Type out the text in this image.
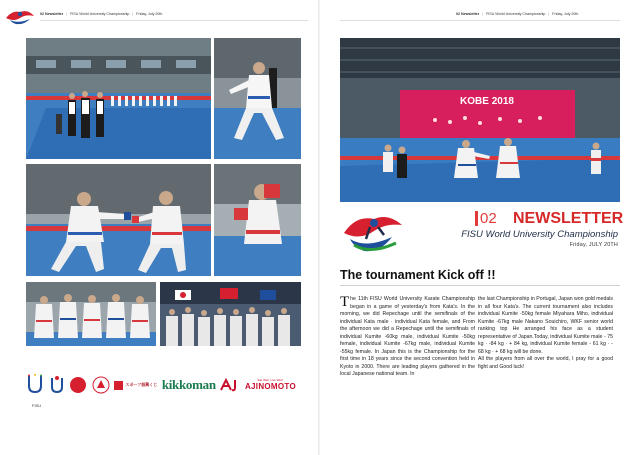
02 Newsletter | FISU World University Championship | Friday, July 20th
スポーツ振興くじ kikkoman	Eat Well, Live Well.
AJINOMOTO
FISU
02 Newsletter | FISU World University Championship | Friday, July 20th
KOBE 2018
02 NEWSLETTER
FISU World University Championship
Friday, JULY 20TH
The tournament Kick off !!

The 11th FISU World University Karate Championship began in a game of yesterday's from Kata's. In the morning, we did Repechage until the semifinals of the individual Kata male · individual Kata female, and From the afternoon we did a Repechage until the semifinals of individual Kumite -60kg male, individual Kumite -50kg female, individual Kumite -67kg male, individual Kumite -55kg female. In Japan this is the Championship for the first time in 18 years since the second convention held in Kyoto in 2000. There are leading players gathered in the local Japanese national team. In

the last Championship in Portugal, Japan won gold medals in all four Kata's. The current tournament also includes individual Kumite -50kg female Miyahara Miho, individual Kumite -67kg male Nakano Souichiro, WKF senior world ranking top He arranged his face as a student representative of Japan.Today, individual Kumite male - 75 kg · -84 kg · + 84 kg, individual Kumite female - 61 kg · - 68 kg · + 68 kg will be done.

All the players from all over the world, I pray for a good fight and Good luck!
